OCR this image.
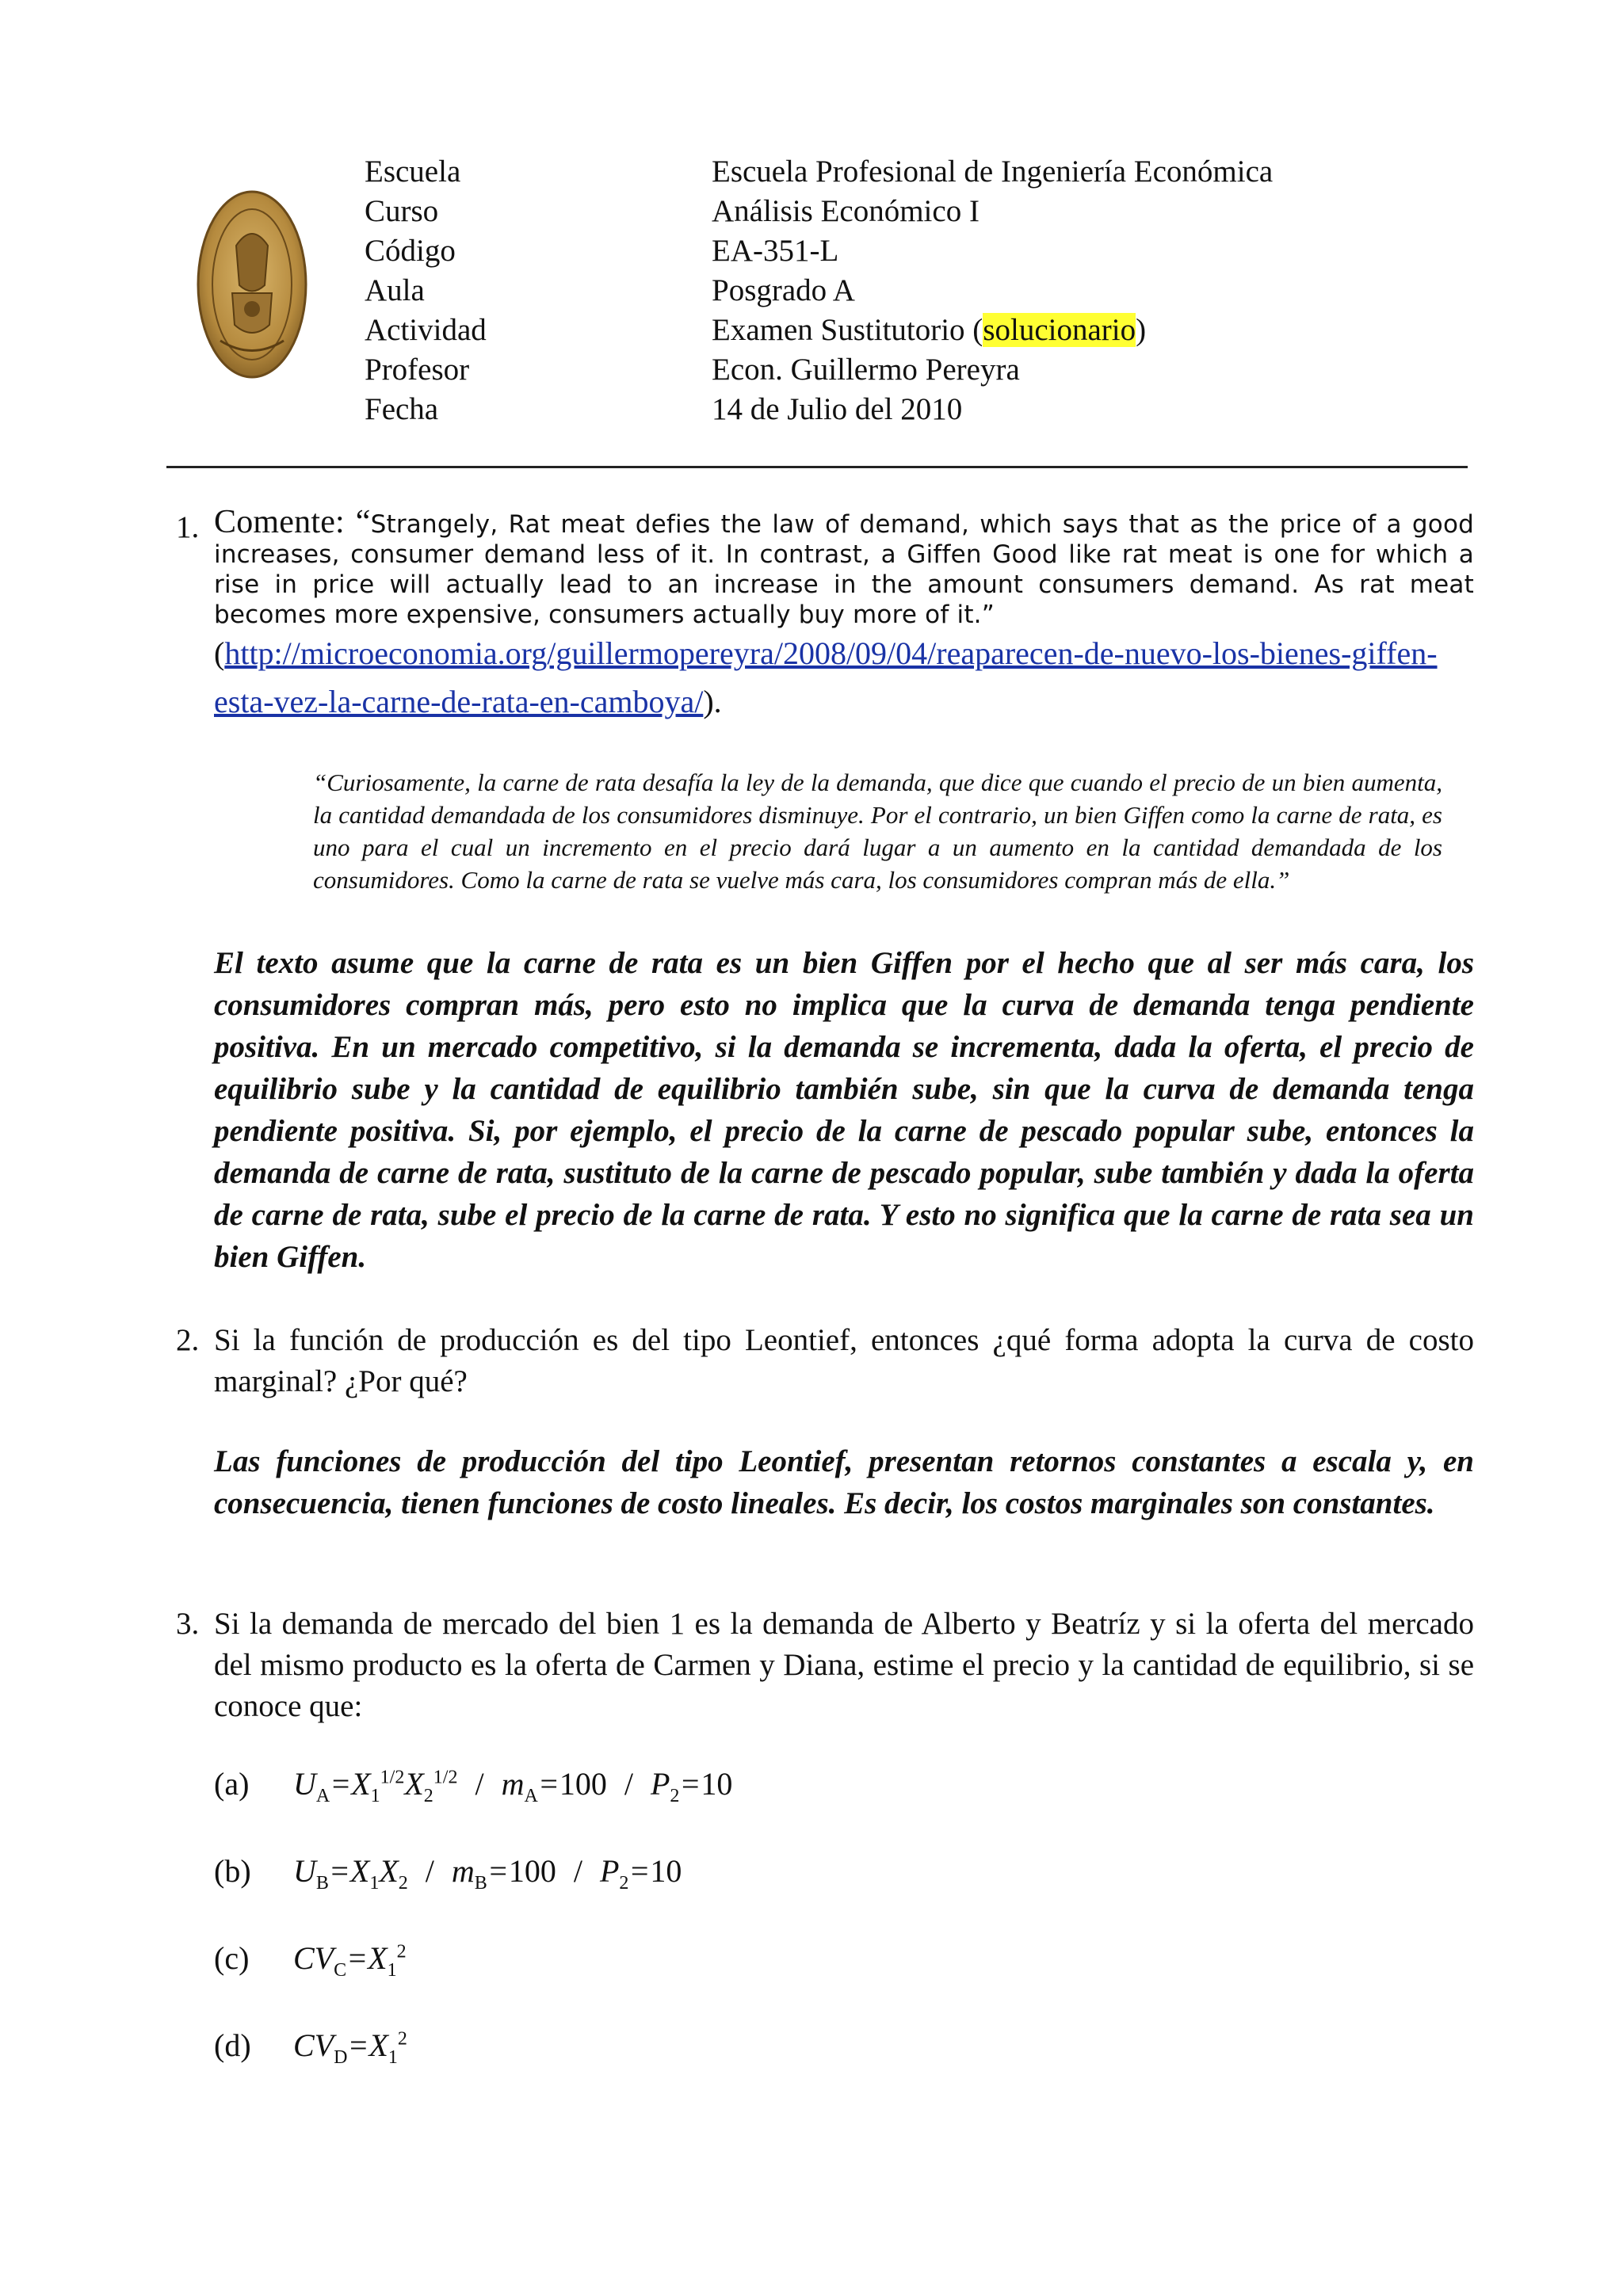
Escuela	Escuela Profesional de Ingeniería Económica
Curso	Análisis Económico I
Código	EA-351-L
Aula	Posgrado A
Actividad	Examen Sustitutorio (solucionario)
Profesor	Econ. Guillermo Pereyra
Fecha	14 de Julio del 2010
1. Comente: “Strangely, Rat meat defies the law of demand, which says that as the price of a good increases, consumer demand less of it. In contrast, a Giffen Good like rat meat is one for which a rise in price will actually lead to an increase in the amount consumers demand. As rat meat becomes more expensive, consumers actually buy more of it.”
(http://microeconomia.org/guillermopereyra/2008/09/04/reaparecen-de-nuevo-los-bienes-giffen-esta-vez-la-carne-de-rata-en-camboya/).
“Curiosamente, la carne de rata desafía la ley de la demanda, que dice que cuando el precio de un bien aumenta, la cantidad demandada de los consumidores disminuye. Por el contrario, un bien Giffen como la carne de rata, es uno para el cual un incremento en el precio dará lugar a un aumento en la cantidad demandada de los consumidores. Como la carne de rata se vuelve más cara, los consumidores compran más de ella.”
El texto asume que la carne de rata es un bien Giffen por el hecho que al ser más cara, los consumidores compran más, pero esto no implica que la curva de demanda tenga pendiente positiva. En un mercado competitivo, si la demanda se incrementa, dada la oferta, el precio de equilibrio sube y la cantidad de equilibrio también sube, sin que la curva de demanda tenga pendiente positiva. Si, por ejemplo, el precio de la carne de pescado popular sube, entonces la demanda de carne de rata, sustituto de la carne de pescado popular, sube también y dada la oferta de carne de rata, sube el precio de la carne de rata. Y esto no significa que la carne de rata sea un bien Giffen.
2. Si la función de producción es del tipo Leontief, entonces ¿qué forma adopta la curva de costo marginal? ¿Por qué?
Las funciones de producción del tipo Leontief, presentan retornos constantes a escala y, en consecuencia, tienen funciones de costo lineales. Es decir, los costos marginales son constantes.
3. Si la demanda de mercado del bien 1 es la demanda de Alberto y Beatríz y si la oferta del mercado del mismo producto es la oferta de Carmen y Diana, estime el precio y la cantidad de equilibrio, si se conoce que:
(a)	$U_A=X_1^{1/2}X_2^{1/2} / m_A=100 / P_2=10$
(b)	$U_B=X_1X_2 / m_B=100 / P_2=10$
(c)	$CV_C=X_1^2$
(d)	$CV_D=X_1^2$
